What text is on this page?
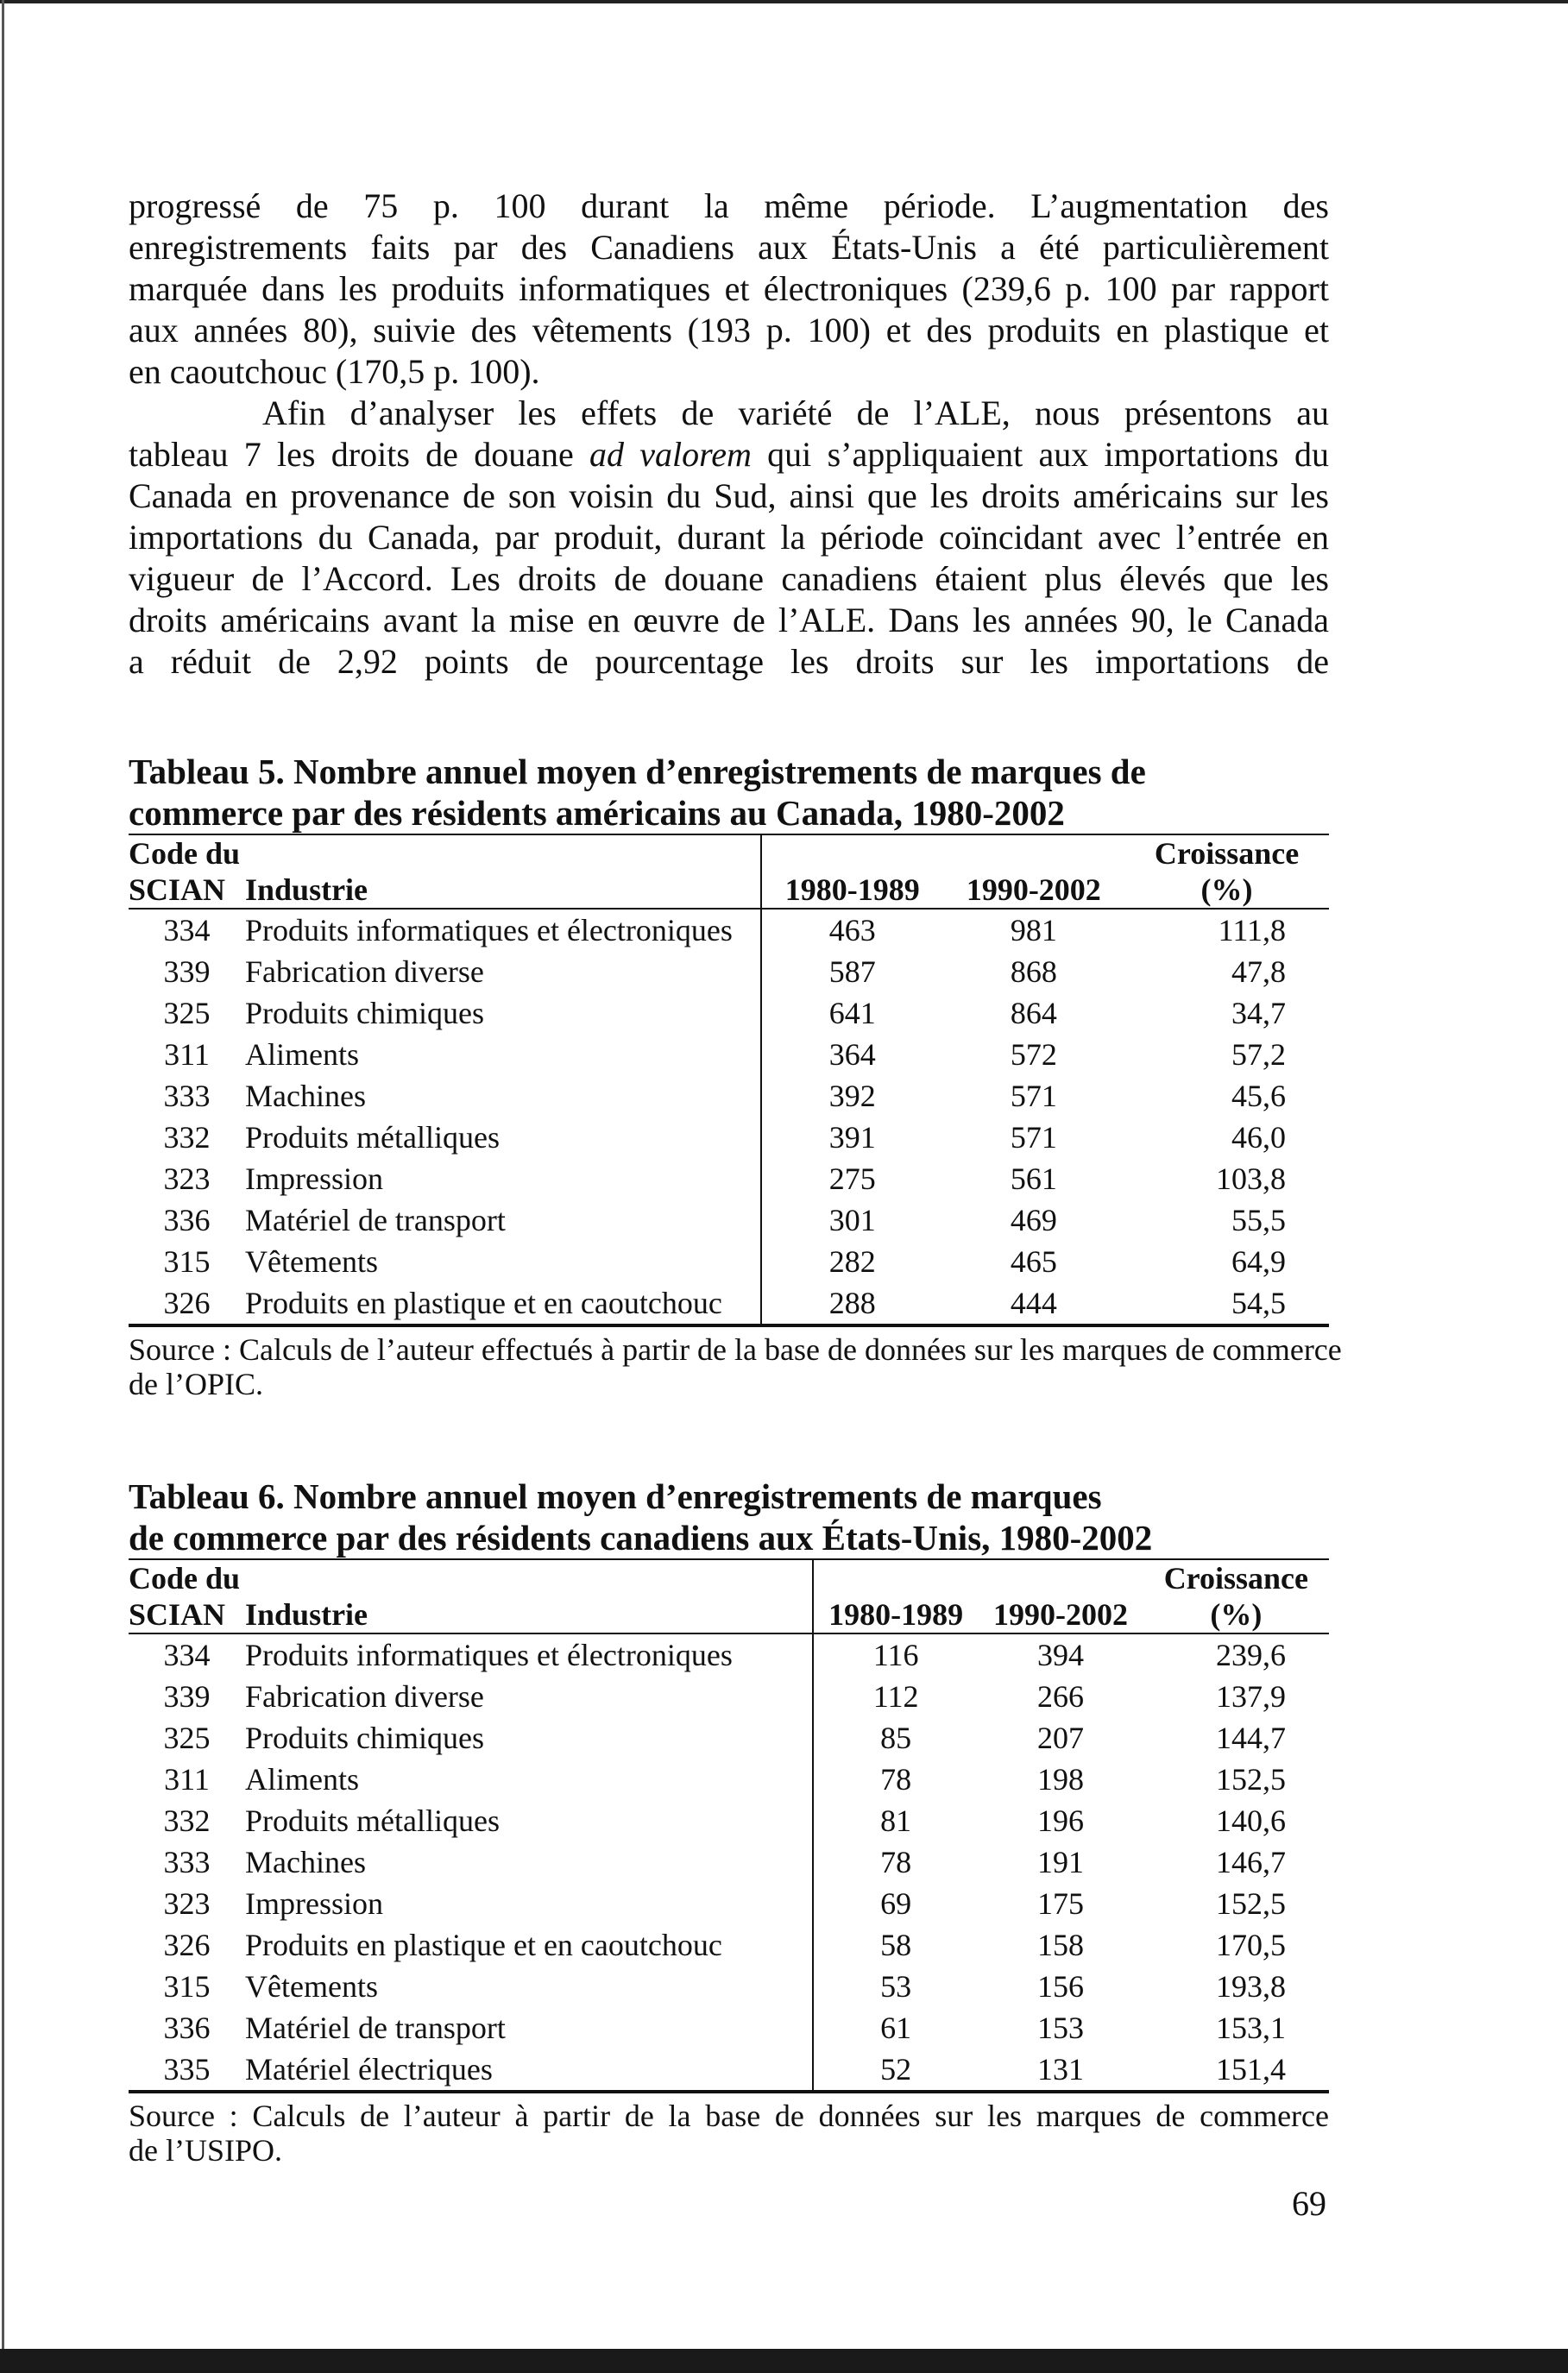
progressé de 75 p. 100 durant la même période. L’augmentation des
enregistrements faits par des Canadiens aux États-Unis a été particulièrement
marquée dans les produits informatiques et électroniques (239,6 p. 100 par rapport
aux années 80), suivie des vêtements (193 p. 100) et des produits en plastique et
en caoutchouc (170,5 p. 100).
Afin d’analyser les effets de variété de l’ALE, nous présentons au
tableau 7 les droits de douane ad valorem qui s’appliquaient aux importations du
Canada en provenance de son voisin du Sud, ainsi que les droits américains sur les
importations du Canada, par produit, durant la période coïncidant avec l’entrée en
vigueur de l’Accord. Les droits de douane canadiens étaient plus élevés que les
droits américains avant la mise en œuvre de l’ALE. Dans les années 90, le Canada
a réduit de 2,92 points de pourcentage les droits sur les importations de
Tableau 5. Nombre annuel moyen d’enregistrements de marques de
commerce par des résidents américains au Canada, 1980-2002
Code du				Croissance
SCIAN	Industrie	1980-1989	1990-2002	(%)
334	Produits informatiques et électroniques	463	981	111,8
339	Fabrication diverse	587	868	47,8
325	Produits chimiques	641	864	34,7
311	Aliments	364	572	57,2
333	Machines	392	571	45,6
332	Produits métalliques	391	571	46,0
323	Impression	275	561	103,8
336	Matériel de transport	301	469	55,5
315	Vêtements	282	465	64,9
326	Produits en plastique et en caoutchouc	288	444	54,5
Source : Calculs de l’auteur effectués à partir de la base de données sur les marques de commerce
de l’OPIC.
Tableau 6. Nombre annuel moyen d’enregistrements de marques
de commerce par des résidents canadiens aux États-Unis, 1980-2002
Code du				Croissance
SCIAN	Industrie	1980-1989	1990-2002	(%)
334	Produits informatiques et électroniques	116	394	239,6
339	Fabrication diverse	112	266	137,9
325	Produits chimiques	85	207	144,7
311	Aliments	78	198	152,5
332	Produits métalliques	81	196	140,6
333	Machines	78	191	146,7
323	Impression	69	175	152,5
326	Produits en plastique et en caoutchouc	58	158	170,5
315	Vêtements	53	156	193,8
336	Matériel de transport	61	153	153,1
335	Matériel électriques	52	131	151,4
Source : Calculs de l’auteur à partir de la base de données sur les marques de commerce
de l’USIPO.
69
